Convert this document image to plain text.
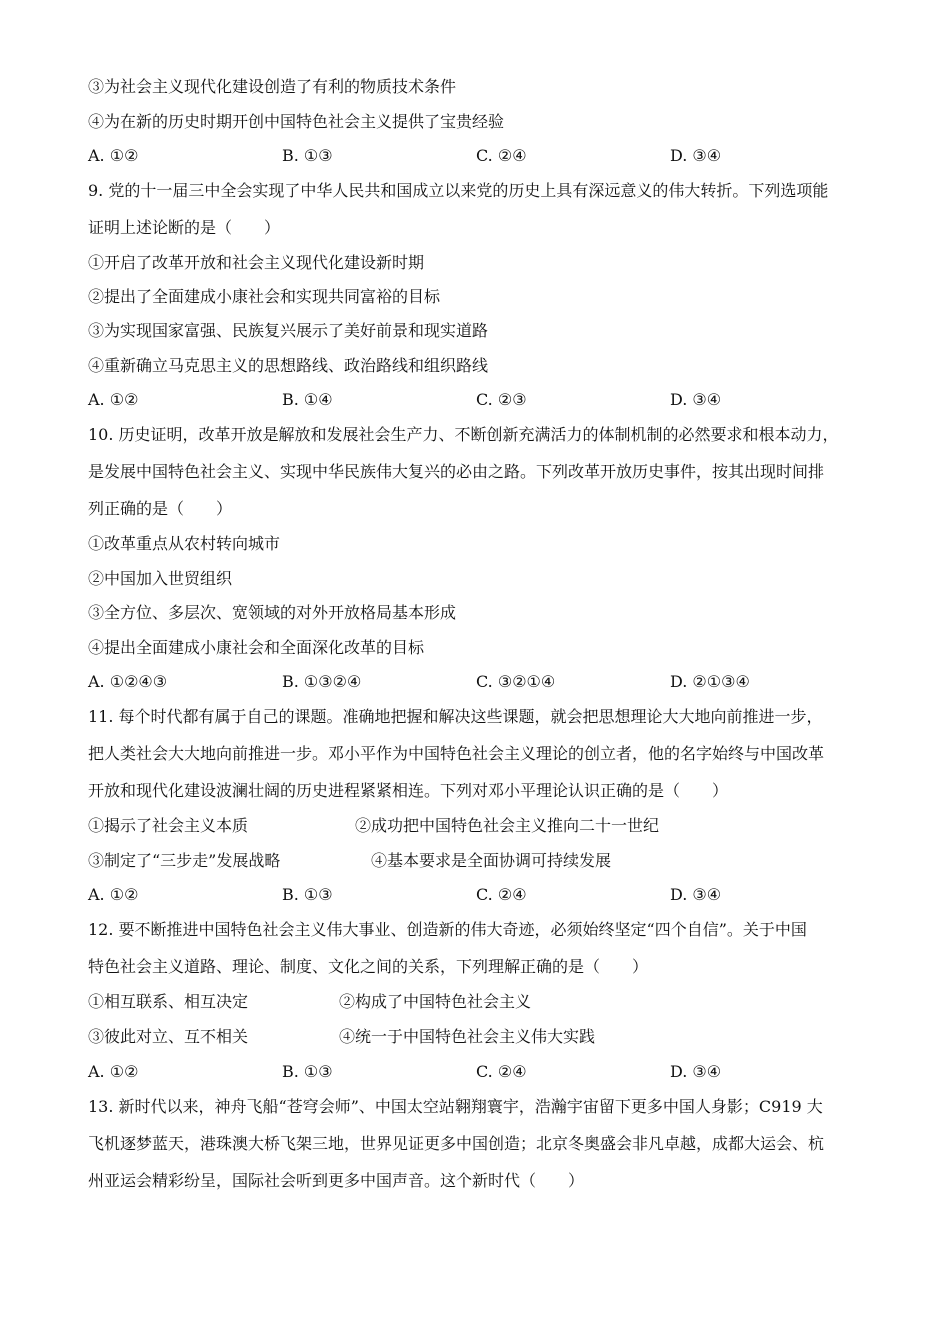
③为社会主义现代化建设创造了有利的物质技术条件
④为在新的历史时期开创中国特色社会主义提供了宝贵经验
A. ①②	B. ①③	C. ②④	D. ③④
9. 党的十一届三中全会实现了中华人民共和国成立以来党的历史上具有深远意义的伟大转折。下列选项能
证明上述论断的是（　　）
①开启了改革开放和社会主义现代化建设新时期
②提出了全面建成小康社会和实现共同富裕的目标
③为实现国家富强、民族复兴展示了美好前景和现实道路
④重新确立马克思主义的思想路线、政治路线和组织路线
A. ①②	B. ①④	C. ②③	D. ③④
10. 历史证明，改革开放是解放和发展社会生产力、不断创新充满活力的体制机制的必然要求和根本动力，
是发展中国特色社会主义、实现中华民族伟大复兴的必由之路。下列改革开放历史事件，按其出现时间排
列正确的是（　　）
①改革重点从农村转向城市
②中国加入世贸组织
③全方位、多层次、宽领域的对外开放格局基本形成
④提出全面建成小康社会和全面深化改革的目标
A. ①②④③	B. ①③②④	C. ③②①④	D. ②①③④
11. 每个时代都有属于自己的课题。准确地把握和解决这些课题，就会把思想理论大大地向前推进一步，
把人类社会大大地向前推进一步。邓小平作为中国特色社会主义理论的创立者，他的名字始终与中国改革
开放和现代化建设波澜壮阔的历史进程紧紧相连。下列对邓小平理论认识正确的是（　　）
①揭示了社会主义本质	②成功把中国特色社会主义推向二十一世纪
③制定了“三步走”发展战略	④基本要求是全面协调可持续发展
A. ①②	B. ①③	C. ②④	D. ③④
12. 要不断推进中国特色社会主义伟大事业、创造新的伟大奇迹，必须始终坚定“四个自信”。关于中国
特色社会主义道路、理论、制度、文化之间的关系，下列理解正确的是（　　）
①相互联系、相互决定	②构成了中国特色社会主义
③彼此对立、互不相关	④统一于中国特色社会主义伟大实践
A. ①②	B. ①③	C. ②④	D. ③④
13. 新时代以来，神舟飞船“苍穹会师”、中国太空站翱翔寰宇，浩瀚宇宙留下更多中国人身影；C919 大
飞机逐梦蓝天，港珠澳大桥飞架三地，世界见证更多中国创造；北京冬奥盛会非凡卓越，成都大运会、杭
州亚运会精彩纷呈，国际社会听到更多中国声音。这个新时代（　　）
